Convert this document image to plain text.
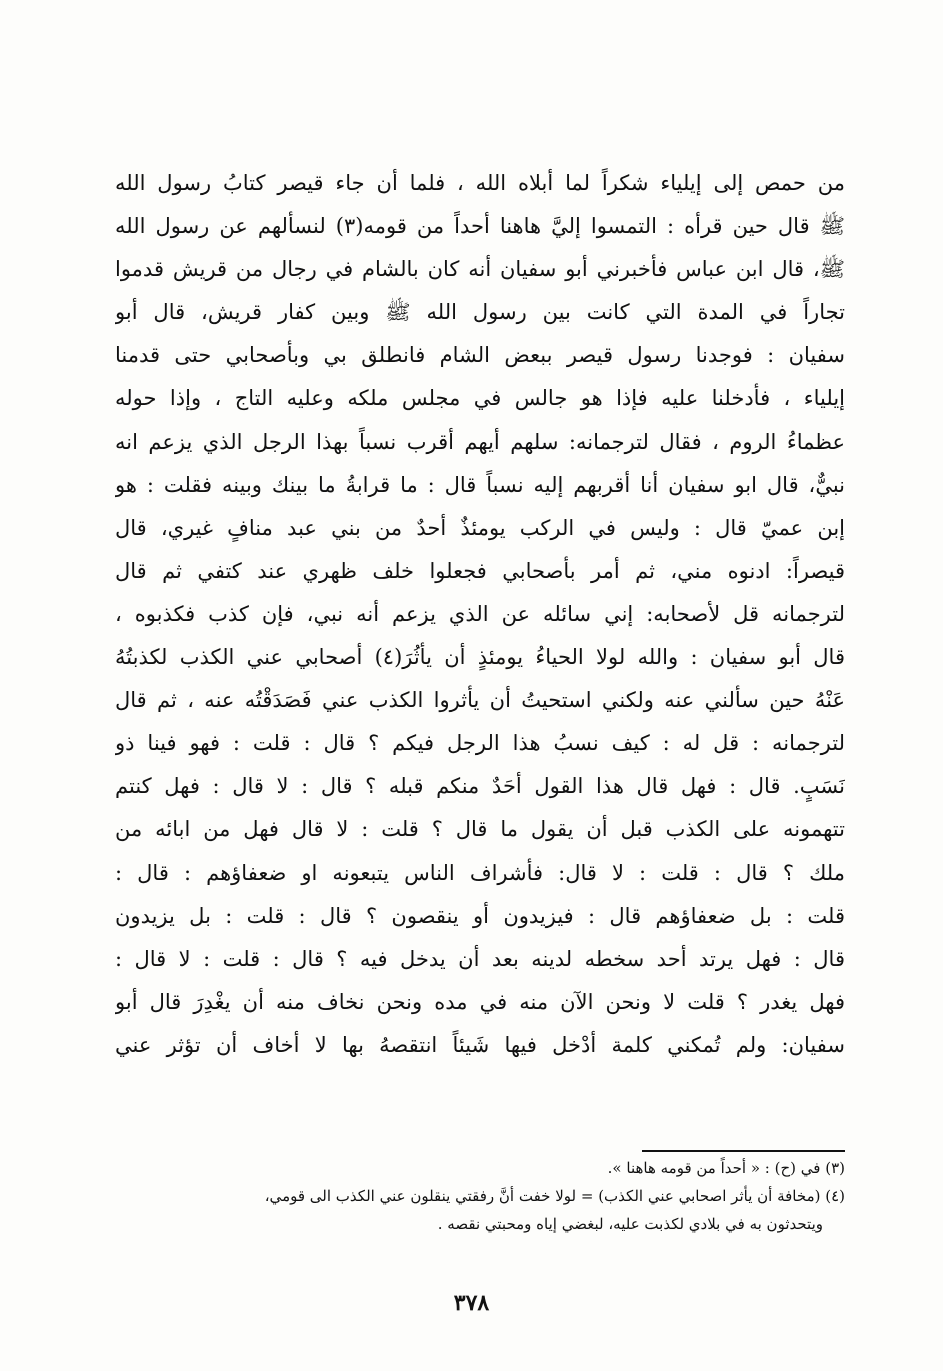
من حمص إلى إيلياء شكراً لما أبلاه الله ، فلما أن جاء قيصر كتابُ رسول الله
ﷺ قال حين قرأه : التمسوا إليَّ هاهنا أحداً من قومه(٣) لنسألهم عن رسول الله
ﷺ، قال ابن عباس فأخبرني أبو سفيان أنه كان بالشام في رجال من قريش قدموا
تجاراً في المدة التي كانت بين رسول الله ﷺ وبين كفار قريش، قال أبو
سفيان : فوجدنا رسول قيصر ببعض الشام فانطلق بي وبأصحابي حتى قدمنا
إيلياء ، فأدخلنا عليه فإذا هو جالس في مجلس ملكه وعليه التاج ، وإذا حوله
عظماءُ الروم ، فقال لترجمانه: سلهم أيهم أقرب نسباً بهذا الرجل الذي يزعم انه
نبيٌّ، قال ابو سفيان أنا أقربهم إليه نسباً قال : ما قرابةُ ما بينك وبينه فقلت : هو
إبن عميّ قال : وليس في الركب يومئذٌ أحدٌ من بني عبد منافٍ غيري، قال
قيصراً: ادنوه مني، ثم أمر بأصحابي فجعلوا خلف ظهري عند كتفي ثم قال
لترجمانه قل لأصحابه: إني سائله عن الذي يزعم أنه نبي، فإن كذب فكذبوه ،
قال أبو سفيان : والله لولا الحياءُ يومئذٍ أن يأثُرَ(٤) أصحابي عني الكذب لكذبتُهُ
عَنْهُ حين سألني عنه ولكني استحيتُ أن يأثروا الكذب عني فَصَدَقْتُه عنه ، ثم قال
لترجمانه : قل له : كيف نسبُ هذا الرجل فيكم ؟ قال : قلت : فهو فينا ذو
نَسَبٍ. قال : فهل قال هذا القول أحَدٌ منكم قبله ؟ قال : لا قال : فهل كنتم
تتهمونه على الكذب قبل أن يقول ما قال ؟ قلت : لا قال فهل من ابائه من
ملك ؟ قال : قلت : لا قال: فأشراف الناس يتبعونه او ضعفاؤهم : قال :
قلت : بل ضعفاؤهم قال : فيزيدون أو ينقصون ؟ قال : قلت : بل يزيدون
قال : فهل يرتد أحد سخطه لدينه بعد أن يدخل فيه ؟ قال : قلت : لا قال :
فهل يغدر ؟ قلت لا ونحن الآن منه في مده ونحن نخاف منه أن يغْدِرَ قال أبو
سفيان: ولم تُمكني كلمة أدْخل فيها شَيئاً انتقصهُ بها لا أخاف أن تؤثر عني
(٣) في (ح) : « أحداً من قومه هاهنا ».
(٤) (مخافة أن يأثر اصحابي عني الكذب) = لولا خفت أنَّ رفقتي ينقلون عني الكذب الى قومي،
ويتحدثون به في بلادي لكذبت عليه، لبغضي إياه ومحبتي نقصه .
٣٧٨
